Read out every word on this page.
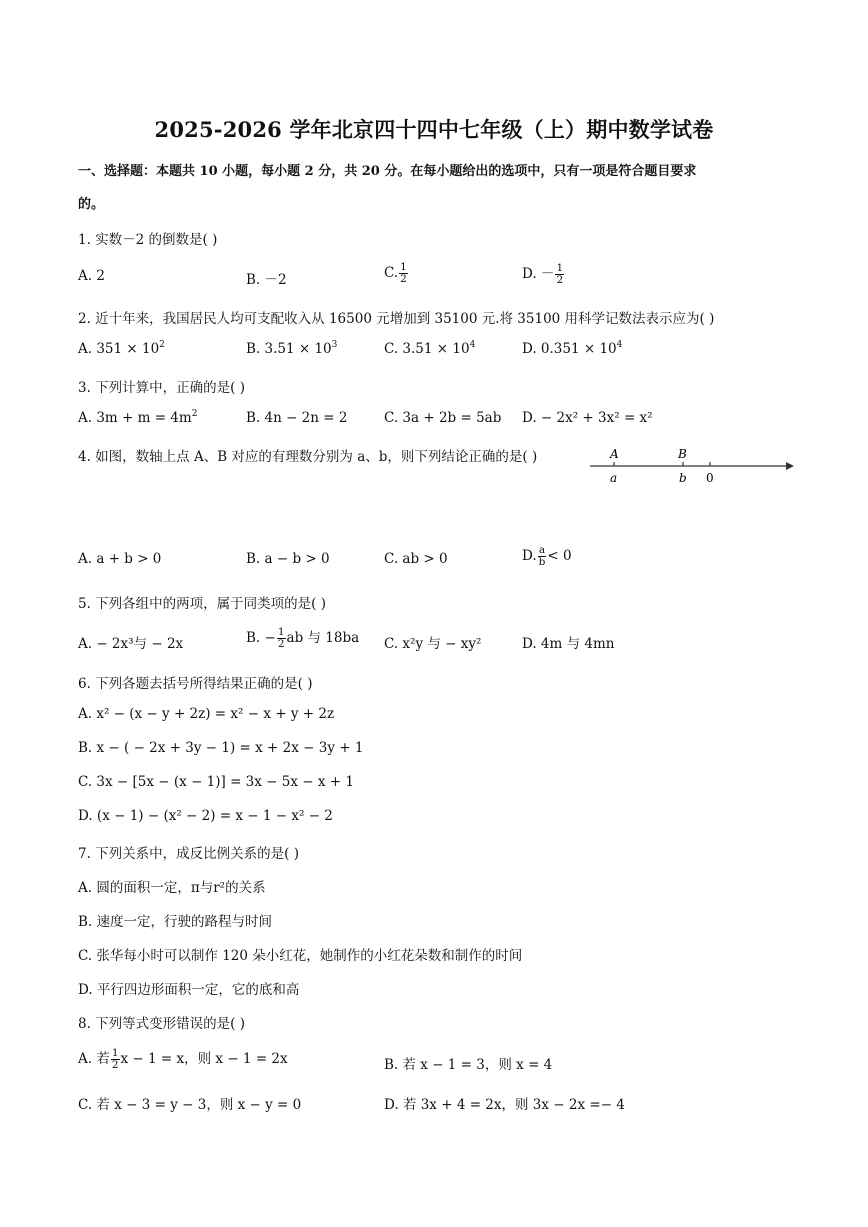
2025-2026 学年北京四十四中七年级（上）期中数学试卷
一、选择题：本题共 10 小题，每小题 2 分，共 20 分。在每小题给出的选项中，只有一项是符合题目要求
的。
1. 实数－2 的倒数是( )
A. 2	B. －2	C. $\frac{1}{2}$	D. － $\frac{1}{2}$
2. 近十年来，我国居民人均可支配收入从 16500 元增加到 35100 元.将 35100 用科学记数法表示应为( )
A. $351 \times 10^2$	B. $3.51 \times 10^3$	C. $3.51 \times 10^4$	D. $0.351 \times 10^4$
3. 下列计算中，正确的是( )
A. $3m + m = 4m^2$	B. 4n − 2n = 2	C. 3a + 2b = 5ab D. − 2x² + 3x² = x²
4. 如图，数轴上点 A、B 对应的有理数分别为 a、b，则下列结论正确的是( )	A	B
a	b 0
A. a + b > 0	B. a − b > 0	C. ab > 0	D. $\frac{a}{b} < 0$
5. 下列各组中的两项，属于同类项的是( )
A. − 2x³与 − 2x	B. − $\frac{1}{2}$ ab 与 18ba C. x²y 与 − xy²	D. 4m 与 4mn
6. 下列各题去括号所得结果正确的是( )
A. x² − (x − y + 2z) = x² − x + y + 2z
B. x − ( − 2x + 3y − 1) = x + 2x − 3y + 1
C. 3x − [5x − (x − 1)] = 3x − 5x − x + 1
D. (x − 1) − (x² − 2) = x − 1 − x² − 2
7. 下列关系中，成反比例关系的是( )
A. 圆的面积一定，π与r²的关系
B. 速度一定，行驶的路程与时间
C. 张华每小时可以制作 120 朵小红花，她制作的小红花朵数和制作的时间
D. 平行四边形面积一定，它的底和高
8. 下列等式变形错误的是( )
A. 若 $\frac{1}{2}$ x − 1 = x，则 x − 1 = 2x	B. 若 x − 1 = 3，则 x = 4
C. 若 x − 3 = y − 3，则 x − y = 0	D. 若 3x + 4 = 2x，则 3x − 2x =− 4
